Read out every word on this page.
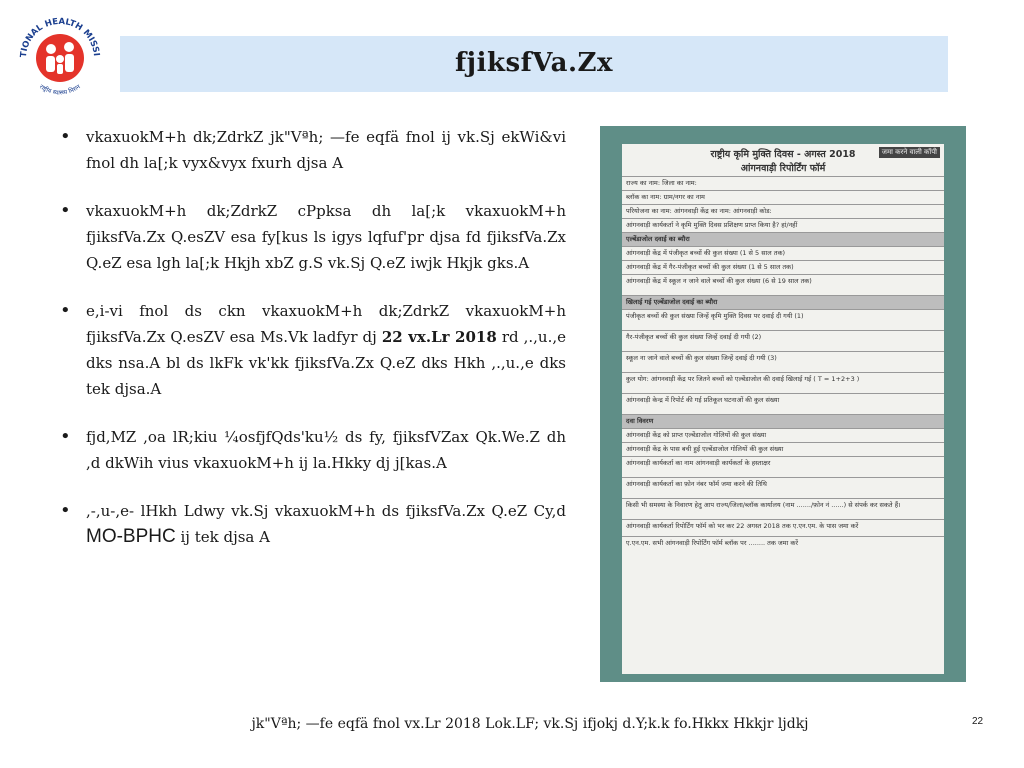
TIONAL HEALTH MISSI
राष्ट्रीय स्वास्थ्य मिशन
fjiksfVa.Zx
• vkaxuokM+h dk;ZdrkZ jk"Vªh; —fe eqfä fnol ij vk.Sj ekWi&vi fnol dh la[;k vyx&vyx fxurh djsa A
• vkaxuokM+h dk;ZdrkZ cPpksa dh la[;k vkaxuokM+h fjiksfVa.Zx Q.esZV esa fy[kus ls igys lqfuf'pr djsa fd fjiksfVa.Zx Q.eZ esa lgh la[;k Hkjh xbZ g.S vk.Sj Q.eZ iwjk Hkjk gks.A
• e,i-vi fnol ds ckn vkaxuokM+h dk;ZdrkZ vkaxuokM+h fjiksfVa.Zx Q.esZV esa Ms.Vk ladfyr dj 22 vx.Lr 2018 rd ,.,u.,e dks nsa.A bl ds lkFk vk'kk fjiksfVa.Zx Q.eZ dks Hkh ,.,u.,e dks tek djsa.A
• fjd,MZ ,oa lR;kiu ¼osfjfQds'ku½ ds fy, fjiksfVZax Qk.We.Z dh ,d dkWih vius vkaxuokM+h ij la.Hkky dj j[kas.A
• ,-,u-,e- lHkh Ldwy vk.Sj vkaxuokM+h ds fjiksfVa.Zx Q.eZ Cy,d MO-BPHC ij tek djsa A
जमा करने वाली कॉपी
राष्ट्रीय कृमि मुक्ति दिवस - अगस्त 2018
आंगनवाड़ी रिपोर्टिंग फॉर्म
राज्य का नाम: जिला का नाम:
ब्लॉक का नाम: ग्राम/नगर का नाम
परियोजना का नाम: आंगनवाड़ी केंद्र का नाम: आंगनवाड़ी कोड:
आंगनवाड़ी कार्यकर्ता ने कृमि मुक्ति दिवस प्रशिक्षण प्राप्त किया है? हां/नहीं
एल्बेंडाजोल दवाई का ब्यौरा
आंगनवाड़ी केंद्र में पंजीकृत बच्चों की कुल संख्या (1 से 5 साल तक)
आंगनवाड़ी केंद्र में गैर-पंजीकृत बच्चों की कुल संख्या (1 से 5 साल तक)
आंगनवाड़ी केंद्र में स्कूल न जाने वाले बच्चों की कुल संख्या (6 से 19 साल तक)
खिलाई गई एल्बेंडाजोल दवाई का ब्यौरा
पंजीकृत बच्चों की कुल संख्या जिन्हें कृमि मुक्ति दिवस पर दवाई दी गयी (1)
गैर-पंजीकृत बच्चों की कुल संख्या जिन्हें दवाई दी गयी (2)
स्कूल ना जाने वाले बच्चों की कुल संख्या जिन्हें दवाई दी गयी (3)
कुल योग: आंगनवाड़ी केंद्र पर जितने बच्चों को एल्बेंडाजोल की दवाई खिलाई गई ( T = 1+2+3 )
आंगनवाड़ी केन्द्र में रिपोर्ट की गई प्रतिकूल घटनाओं की कुल संख्या
दवा विवरण
आंगनवाड़ी केंद्र को प्राप्त एल्बेंडाजोल गोलियों की कुल संख्या
आंगनवाड़ी केंद्र के पास बची हुई एल्बेंडाजोल गोलियों की कुल संख्या
आंगनवाड़ी कार्यकर्ता का नाम आंगनवाड़ी कार्यकर्ता के हस्ताक्षर
आंगनवाड़ी कार्यकर्ता का फ़ोन नंबर फॉर्म जमा करने की तिथि
किसी भी समस्या के निवारण हेतु आप राज्य/जिला/ब्लॉक कार्यालय (नाम ......./फ़ोन नं ......) से संपर्क कर सकते हैं।
आंगनवाड़ी कार्यकर्ता रिपोर्टिंग फॉर्म को भर कर 22 अगस्त 2018 तक ए.एन.एम. के पास जमा करें
ए.एन.एम. सभी आंगनवाड़ी रिपोर्टिंग फॉर्म ब्लॉक पर ........ तक जमा करें
jk"Vªh; —fe eqfä fnol vx.Lr 2018 Lok.LF; vk.Sj ifjokj d.Y;k.k fo.Hkkx Hkkjr ljdkj	22
